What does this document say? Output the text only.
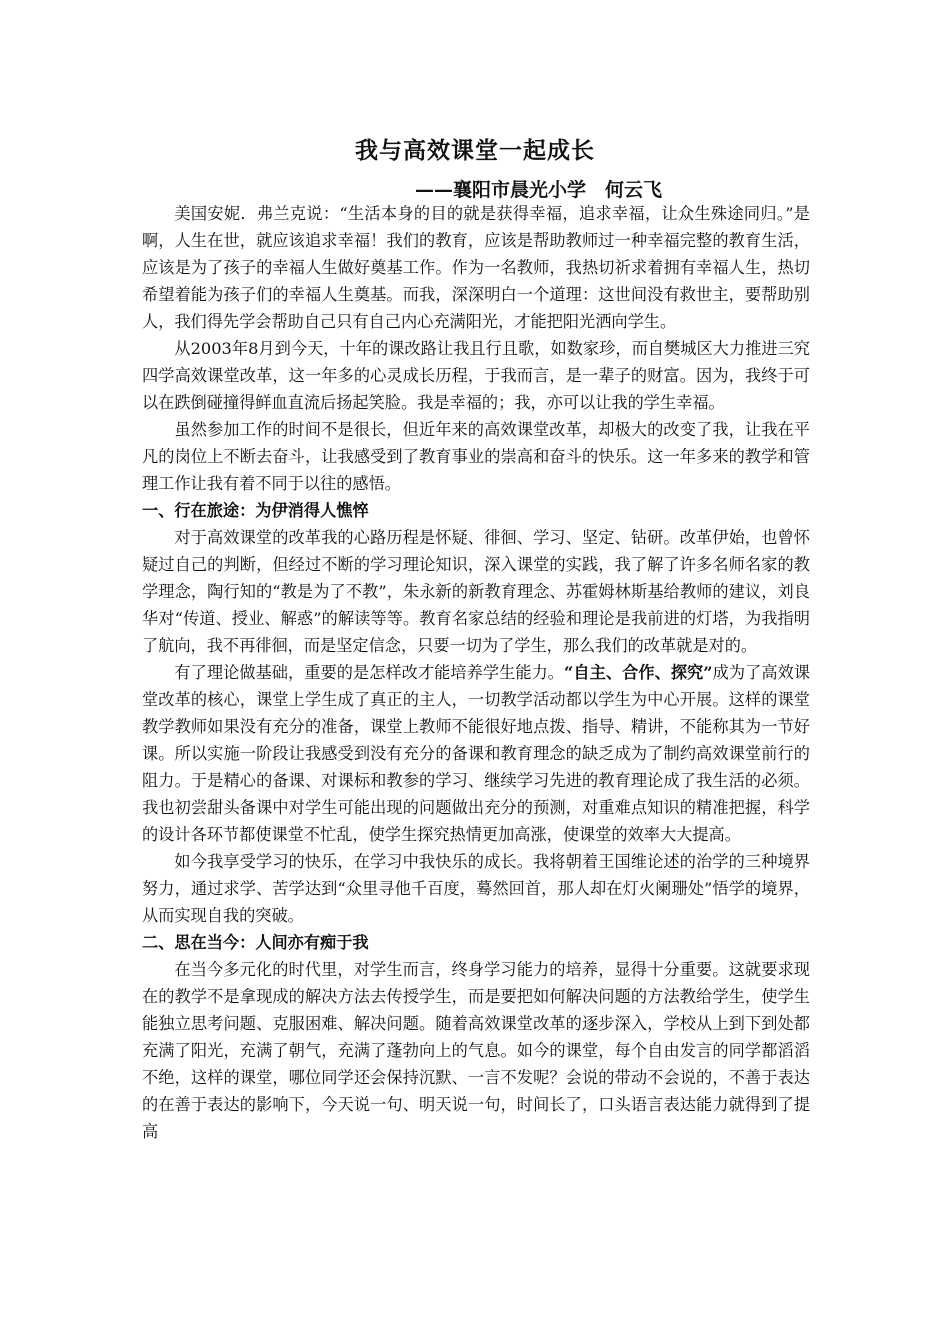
我与高效课堂一起成长
——襄阳市晨光小学　何云飞

美国安妮．弗兰克说：“生活本身的目的就是获得幸福，追求幸福，让众生殊途同归。”是啊，人生在世，就应该追求幸福！我们的教育，应该是帮助教师过一种幸福完整的教育生活，应该是为了孩子的幸福人生做好奠基工作。作为一名教师，我热切祈求着拥有幸福人生，热切希望着能为孩子们的幸福人生奠基。而我，深深明白一个道理：这世间没有救世主，要帮助别人，我们得先学会帮助自己只有自己内心充满阳光，才能把阳光洒向学生。

从2003年8月到今天，十年的课改路让我且行且歌，如数家珍，而自樊城区大力推进三究四学高效课堂改革，这一年多的心灵成长历程，于我而言，是一辈子的财富。因为，我终于可以在跌倒碰撞得鲜血直流后扬起笑脸。我是幸福的；我，亦可以让我的学生幸福。

虽然参加工作的时间不是很长，但近年来的高效课堂改革，却极大的改变了我，让我在平凡的岗位上不断去奋斗，让我感受到了教育事业的崇高和奋斗的快乐。这一年多来的教学和管理工作让我有着不同于以往的感悟。

一、行在旅途：为伊消得人憔悴

对于高效课堂的改革我的心路历程是怀疑、徘徊、学习、坚定、钻研。改革伊始，也曾怀疑过自己的判断，但经过不断的学习理论知识，深入课堂的实践，我了解了许多名师名家的教学理念，陶行知的“教是为了不教”，朱永新的新教育理念、苏霍姆林斯基给教师的建议，刘良华对“传道、授业、解惑”的解读等等。教育名家总结的经验和理论是我前进的灯塔，为我指明了航向，我不再徘徊，而是坚定信念，只要一切为了学生，那么我们的改革就是对的。

有了理论做基础，重要的是怎样改才能培养学生能力。“自主、合作、探究”成为了高效课堂改革的核心，课堂上学生成了真正的主人，一切教学活动都以学生为中心开展。这样的课堂教学教师如果没有充分的准备，课堂上教师不能很好地点拨、指导、精讲，不能称其为一节好课。所以实施一阶段让我感受到没有充分的备课和教育理念的缺乏成为了制约高效课堂前行的阻力。于是精心的备课、对课标和教参的学习、继续学习先进的教育理论成了我生活的必须。我也初尝甜头备课中对学生可能出现的问题做出充分的预测，对重难点知识的精准把握，科学的设计各环节都使课堂不忙乱，使学生探究热情更加高涨，使课堂的效率大大提高。

如今我享受学习的快乐，在学习中我快乐的成长。我将朝着王国维论述的治学的三种境界努力，通过求学、苦学达到“众里寻他千百度，蓦然回首，那人却在灯火阑珊处”悟学的境界，从而实现自我的突破。

二、思在当今：人间亦有痴于我

在当今多元化的时代里，对学生而言，终身学习能力的培养，显得十分重要。这就要求现在的教学不是拿现成的解决方法去传授学生，而是要把如何解决问题的方法教给学生，使学生能独立思考问题、克服困难、解决问题。随着高效课堂改革的逐步深入，学校从上到下到处都充满了阳光，充满了朝气，充满了蓬勃向上的气息。如今的课堂，每个自由发言的同学都滔滔不绝，这样的课堂，哪位同学还会保持沉默、一言不发呢？会说的带动不会说的，不善于表达的在善于表达的影响下，今天说一句、明天说一句，时间长了，口头语言表达能力就得到了提高
